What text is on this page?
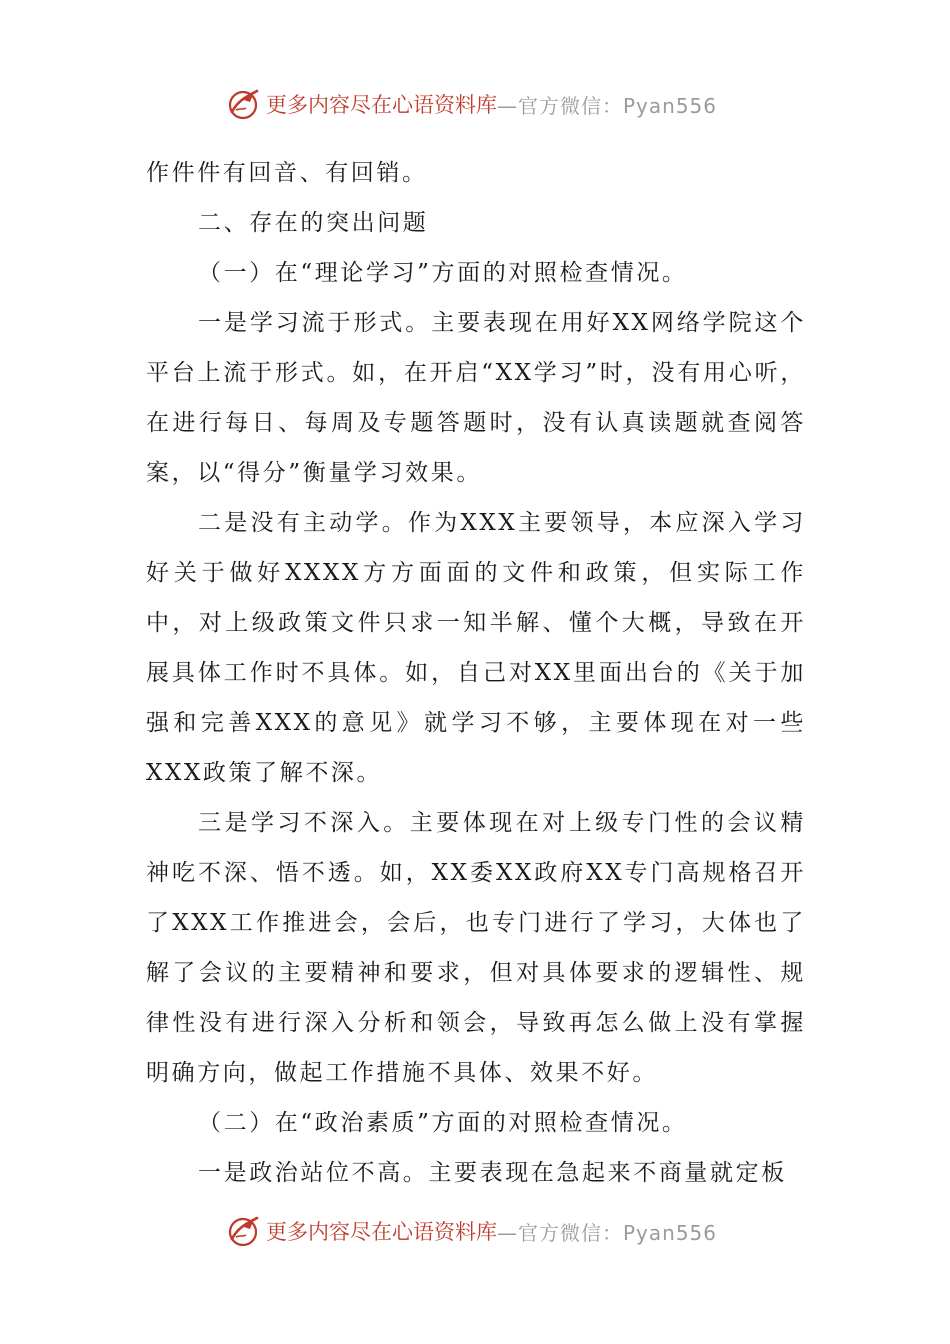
更多内容尽在心语资料库 —官方微信：Pyan556

作件件有回音、有回销。

二、存在的突出问题

（一）在“理论学习”方面的对照检查情况。

一是学习流于形式。主要表现在用好XX网络学院这个平台上流于形式。如，在开启“XX学习”时，没有用心听，在进行每日、每周及专题答题时，没有认真读题就查阅答案，以“得分”衡量学习效果。

二是没有主动学。作为XXX主要领导，本应深入学习好关于做好XXXX方方面面的文件和政策，但实际工作中，对上级政策文件只求一知半解、懂个大概，导致在开展具体工作时不具体。如，自己对XX里面出台的《关于加强和完善XXX的意见》就学习不够，主要体现在对一些XXX政策了解不深。

三是学习不深入。主要体现在对上级专门性的会议精神吃不深、悟不透。如，XX委XX政府XX专门高规格召开了XXX工作推进会，会后，也专门进行了学习，大体也了解了会议的主要精神和要求，但对具体要求的逻辑性、规律性没有进行深入分析和领会，导致再怎么做上没有掌握明确方向，做起工作措施不具体、效果不好。

（二）在“政治素质”方面的对照检查情况。

一是政治站位不高。主要表现在急起来不商量就定板

更多内容尽在心语资料库 —官方微信：Pyan556
